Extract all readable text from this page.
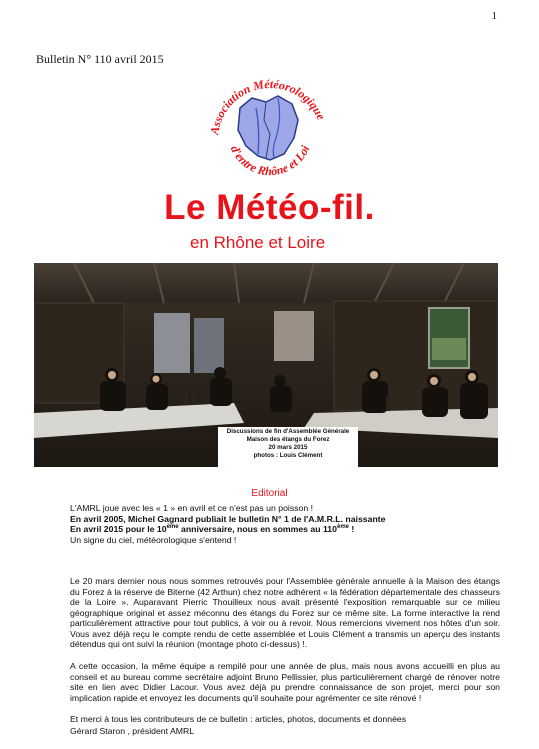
1
Bulletin N° 110 avril 2015
Association Météorologique
d'entre Rhône et Loi
Le Météo-fil.
en Rhône et Loire
Discussions de fin d'Assemblée Générale
Maison des étangs du Forez
20 mars 2015
photos : Louis Clément
Editorial
L'AMRL joue avec les « 1 » en avril et ce n'est pas un poisson !
En avril 2005, Michel Gagnard publiait le bulletin N° 1 de l'A.M.R.L. naissante
En avril 2015 pour le 10ème anniversaire, nous en sommes au 110ème !
Un signe du ciel, météorologique s'entend !
Le 20 mars dernier nous nous sommes retrouvés pour l'Assemblée générale annuelle à la Maison des étangs du Forez à la réserve de Biterne (42 Arthun) chez notre adhérent « la fédération départementale des chasseurs de la Loire ». Auparavant Pierric Thouilleux nous avait présenté l'exposition remarquable sur ce milieu géographique original et assez méconnu des étangs du Forez sur ce même site. La forme interactive la rend particulièrement attractive pour tout publics, à voir ou à revoir. Nous remercions vivement nos hôtes d'un soir. Vous avez déjà reçu le compte rendu de cette assemblée et Louis Clément a transmis un aperçu des instants détendus qui ont suivi la réunion (montage photo ci-dessus) !.
A cette occasion, la même équipe a rempilé pour une année de plus, mais nous avons accueilli en plus au conseil et au bureau comme secrétaire adjoint Bruno Pellissier, plus particulièrement chargé de rénover notre site en lien avec Didier Lacour. Vous avez déjà pu prendre connaissance de son projet, merci pour son implication rapide et envoyez les documents qu'il souhaite pour agrémenter ce site rénové !
Et merci à tous les contributeurs de ce bulletin : articles, photos, documents et données
Gérard Staron , président AMRL
